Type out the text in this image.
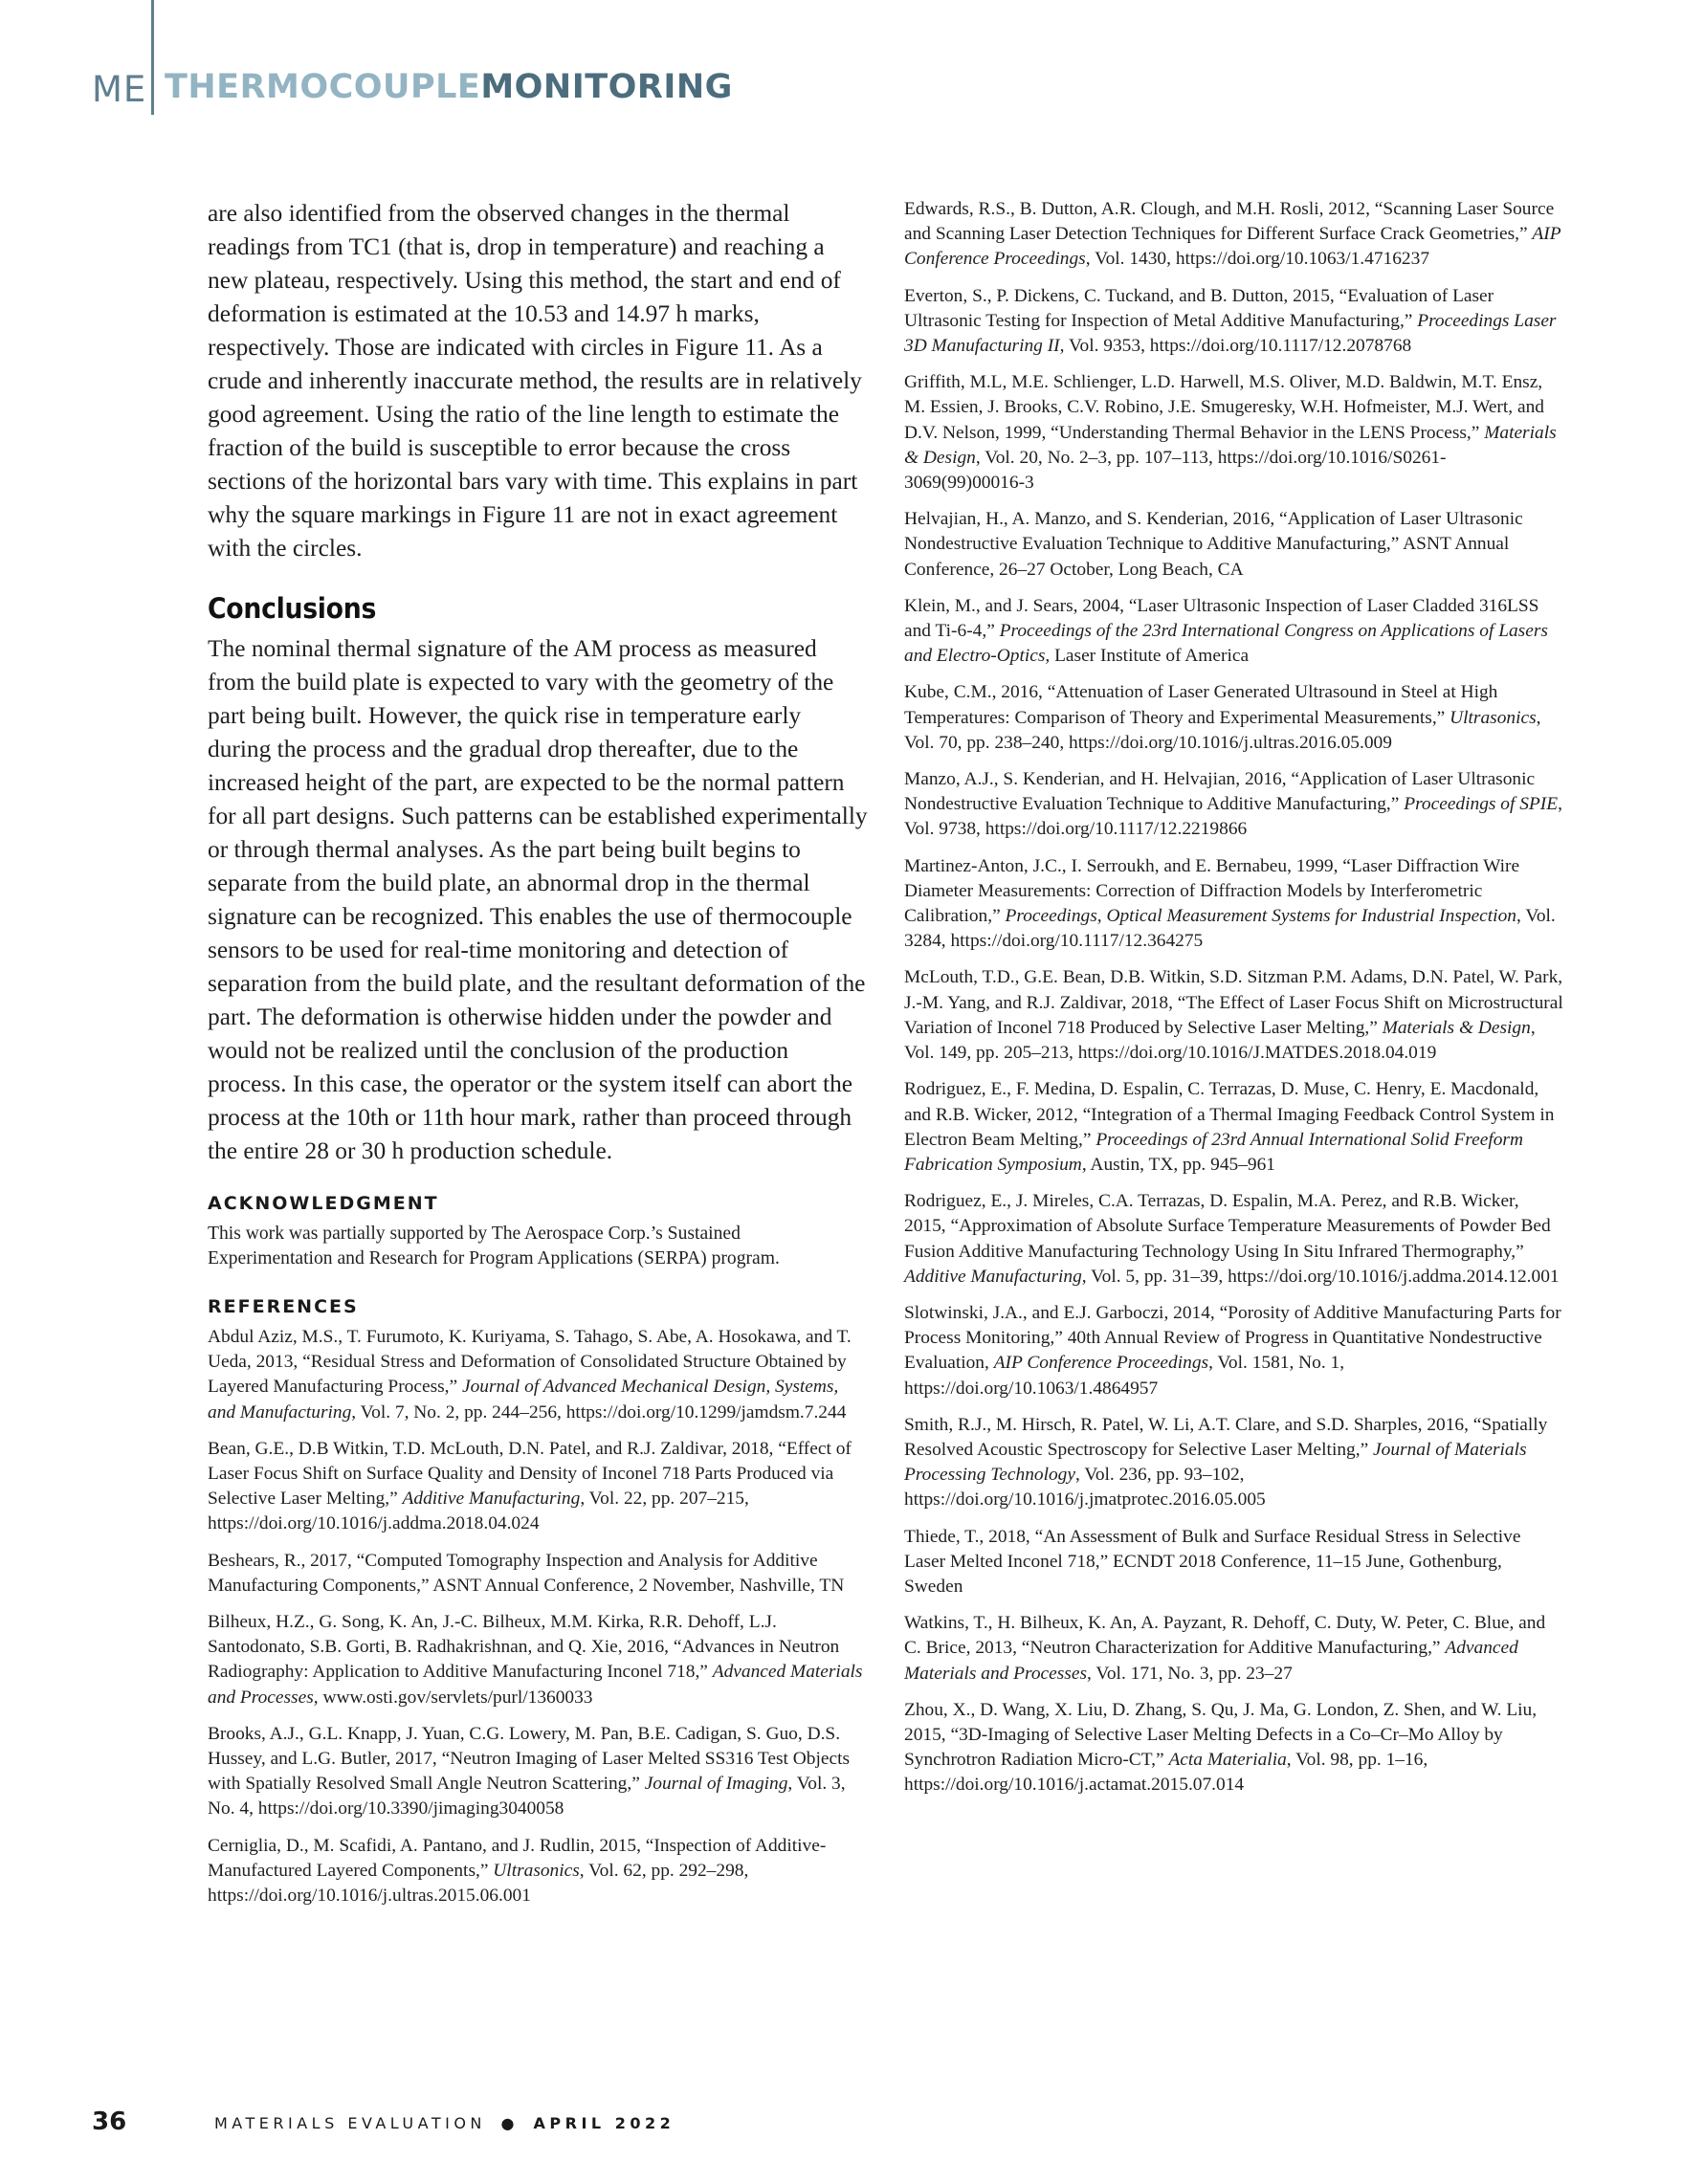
ME THERMOCOUPLEMONITORING

are also identified from the observed changes in the thermal readings from TC1 (that is, drop in temperature) and reaching a new plateau, respectively. Using this method, the start and end of deformation is estimated at the 10.53 and 14.97 h marks, respectively. Those are indicated with circles in Figure 11. As a crude and inherently inaccurate method, the results are in relatively good agreement. Using the ratio of the line length to estimate the fraction of the build is susceptible to error because the cross sections of the horizontal bars vary with time. This explains in part why the square markings in Figure 11 are not in exact agreement with the circles.

Conclusions

The nominal thermal signature of the AM process as measured from the build plate is expected to vary with the geometry of the part being built. However, the quick rise in temperature early during the process and the gradual drop thereafter, due to the increased height of the part, are expected to be the normal pattern for all part designs. Such patterns can be established experimentally or through thermal analyses. As the part being built begins to separate from the build plate, an abnormal drop in the thermal signature can be recognized. This enables the use of thermocouple sensors to be used for real-time monitoring and detection of separation from the build plate, and the resultant deformation of the part. The deformation is otherwise hidden under the powder and would not be realized until the conclusion of the production process. In this case, the operator or the system itself can abort the process at the 10th or 11th hour mark, rather than proceed through the entire 28 or 30 h production schedule.

ACKNOWLEDGMENT

This work was partially supported by The Aerospace Corp.’s Sustained Experimentation and Research for Program Applications (SERPA) program.

REFERENCES

Abdul Aziz, M.S., T. Furumoto, K. Kuriyama, S. Tahago, S. Abe, A. Hosokawa, and T. Ueda, 2013, “Residual Stress and Deformation of Consolidated Structure Obtained by Layered Manufacturing Process,” Journal of Advanced Mechanical Design, Systems, and Manufacturing, Vol. 7, No. 2, pp. 244–256, https://doi.org/10.1299/jamdsm.7.244

Bean, G.E., D.B Witkin, T.D. McLouth, D.N. Patel, and R.J. Zaldivar, 2018, “Effect of Laser Focus Shift on Surface Quality and Density of Inconel 718 Parts Produced via Selective Laser Melting,” Additive Manufacturing, Vol. 22, pp. 207–215, https://doi.org/10.1016/j.addma.2018.04.024

Beshears, R., 2017, “Computed Tomography Inspection and Analysis for Additive Manufacturing Components,” ASNT Annual Conference, 2 November, Nashville, TN

Bilheux, H.Z., G. Song, K. An, J.-C. Bilheux, M.M. Kirka, R.R. Dehoff, L.J. Santodonato, S.B. Gorti, B. Radhakrishnan, and Q. Xie, 2016, “Advances in Neutron Radiography: Application to Additive Manufacturing Inconel 718,” Advanced Materials and Processes, www.osti.gov/servlets/purl/1360033

Brooks, A.J., G.L. Knapp, J. Yuan, C.G. Lowery, M. Pan, B.E. Cadigan, S. Guo, D.S. Hussey, and L.G. Butler, 2017, “Neutron Imaging of Laser Melted SS316 Test Objects with Spatially Resolved Small Angle Neutron Scattering,” Journal of Imaging, Vol. 3, No. 4, https://doi.org/10.3390/jimaging3040058

Cerniglia, D., M. Scafidi, A. Pantano, and J. Rudlin, 2015, “Inspection of Additive-Manufactured Layered Components,” Ultrasonics, Vol. 62, pp. 292–298, https://doi.org/10.1016/j.ultras.2015.06.001

Edwards, R.S., B. Dutton, A.R. Clough, and M.H. Rosli, 2012, “Scanning Laser Source and Scanning Laser Detection Techniques for Different Surface Crack Geometries,” AIP Conference Proceedings, Vol. 1430, https://doi.org/10.1063/1.4716237

Everton, S., P. Dickens, C. Tuckand, and B. Dutton, 2015, “Evaluation of Laser Ultrasonic Testing for Inspection of Metal Additive Manufacturing,” Proceedings Laser 3D Manufacturing II, Vol. 9353, https://doi.org/10.1117/12.2078768

Griffith, M.L, M.E. Schlienger, L.D. Harwell, M.S. Oliver, M.D. Baldwin, M.T. Ensz, M. Essien, J. Brooks, C.V. Robino, J.E. Smugeresky, W.H. Hofmeister, M.J. Wert, and D.V. Nelson, 1999, “Understanding Thermal Behavior in the LENS Process,” Materials & Design, Vol. 20, No. 2–3, pp. 107–113, https://doi.org/10.1016/S0261-3069(99)00016-3

Helvajian, H., A. Manzo, and S. Kenderian, 2016, “Application of Laser Ultrasonic Nondestructive Evaluation Technique to Additive Manufacturing,” ASNT Annual Conference, 26–27 October, Long Beach, CA

Klein, M., and J. Sears, 2004, “Laser Ultrasonic Inspection of Laser Cladded 316LSS and Ti-6-4,” Proceedings of the 23rd International Congress on Applications of Lasers and Electro-Optics, Laser Institute of America

Kube, C.M., 2016, “Attenuation of Laser Generated Ultrasound in Steel at High Temperatures: Comparison of Theory and Experimental Measurements,” Ultrasonics, Vol. 70, pp. 238–240, https://doi.org/10.1016/j.ultras.2016.05.009

Manzo, A.J., S. Kenderian, and H. Helvajian, 2016, “Application of Laser Ultrasonic Nondestructive Evaluation Technique to Additive Manufacturing,” Proceedings of SPIE, Vol. 9738, https://doi.org/10.1117/12.2219866

Martinez-Anton, J.C., I. Serroukh, and E. Bernabeu, 1999, “Laser Diffraction Wire Diameter Measurements: Correction of Diffraction Models by Interferometric Calibration,” Proceedings, Optical Measurement Systems for Industrial Inspection, Vol. 3284, https://doi.org/10.1117/12.364275

McLouth, T.D., G.E. Bean, D.B. Witkin, S.D. Sitzman P.M. Adams, D.N. Patel, W. Park, J.-M. Yang, and R.J. Zaldivar, 2018, “The Effect of Laser Focus Shift on Microstructural Variation of Inconel 718 Produced by Selective Laser Melting,” Materials & Design, Vol. 149, pp. 205–213, https://doi.org/10.1016/J.MATDES.2018.04.019

Rodriguez, E., F. Medina, D. Espalin, C. Terrazas, D. Muse, C. Henry, E. Macdonald, and R.B. Wicker, 2012, “Integration of a Thermal Imaging Feedback Control System in Electron Beam Melting,” Proceedings of 23rd Annual International Solid Freeform Fabrication Symposium, Austin, TX, pp. 945–961

Rodriguez, E., J. Mireles, C.A. Terrazas, D. Espalin, M.A. Perez, and R.B. Wicker, 2015, “Approximation of Absolute Surface Temperature Measurements of Powder Bed Fusion Additive Manufacturing Technology Using In Situ Infrared Thermography,” Additive Manufacturing, Vol. 5, pp. 31–39, https://doi.org/10.1016/j.addma.2014.12.001

Slotwinski, J.A., and E.J. Garboczi, 2014, “Porosity of Additive Manufacturing Parts for Process Monitoring,” 40th Annual Review of Progress in Quantitative Nondestructive Evaluation, AIP Conference Proceedings, Vol. 1581, No. 1, https://doi.org/10.1063/1.4864957

Smith, R.J., M. Hirsch, R. Patel, W. Li, A.T. Clare, and S.D. Sharples, 2016, “Spatially Resolved Acoustic Spectroscopy for Selective Laser Melting,” Journal of Materials Processing Technology, Vol. 236, pp. 93–102, https://doi.org/10.1016/j.jmatprotec.2016.05.005

Thiede, T., 2018, “An Assessment of Bulk and Surface Residual Stress in Selective Laser Melted Inconel 718,” ECNDT 2018 Conference, 11–15 June, Gothenburg, Sweden

Watkins, T., H. Bilheux, K. An, A. Payzant, R. Dehoff, C. Duty, W. Peter, C. Blue, and C. Brice, 2013, “Neutron Characterization for Additive Manufacturing,” Advanced Materials and Processes, Vol. 171, No. 3, pp. 23–27

Zhou, X., D. Wang, X. Liu, D. Zhang, S. Qu, J. Ma, G. London, Z. Shen, and W. Liu, 2015, “3D-Imaging of Selective Laser Melting Defects in a Co–Cr–Mo Alloy by Synchrotron Radiation Micro-CT,” Acta Materialia, Vol. 98, pp. 1–16, https://doi.org/10.1016/j.actamat.2015.07.014

36	MATERIALS EVALUATION ● APRIL 2022
